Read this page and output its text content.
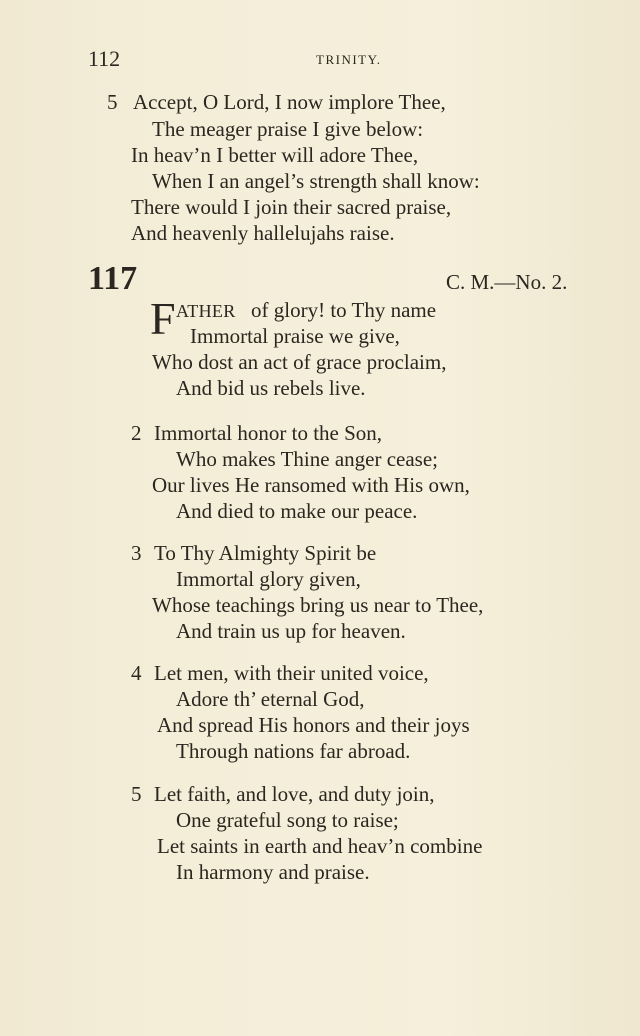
112	TRINITY.
5 Accept, O Lord, I now implore Thee,
The meager praise I give below:
In heav’n I better will adore Thee,
When I an angel’s strength shall know:
There would I join their sacred praise,
And heavenly hallelujahs raise.
117	C. M.—No. 2.
F ATHER of glory! to Thy name
Immortal praise we give,
Who dost an act of grace proclaim,
And bid us rebels live.
2 Immortal honor to the Son,
Who makes Thine anger cease;
Our lives He ransomed with His own,
And died to make our peace.
3 To Thy Almighty Spirit be
Immortal glory given,
Whose teachings bring us near to Thee,
And train us up for heaven.
4 Let men, with their united voice,
Adore th’ eternal God,
And spread His honors and their joys
Through nations far abroad.
5 Let faith, and love, and duty join,
One grateful song to raise;
Let saints in earth and heav’n combine
In harmony and praise.
